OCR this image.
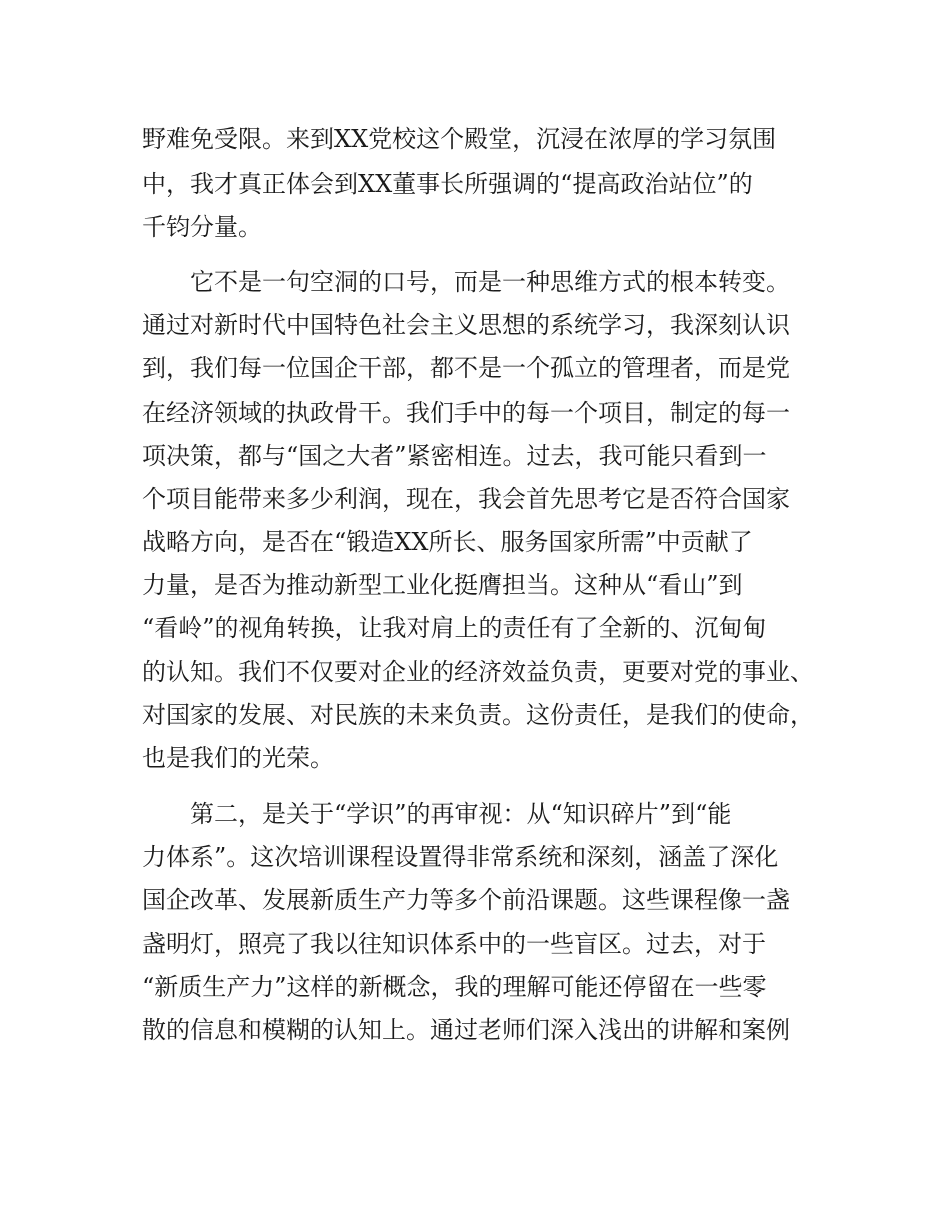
野难免受限。来到XX党校这个殿堂，沉浸在浓厚的学习氛围
中，我才真正体会到XX董事长所强调的“提高政治站位”的
千钧分量。
它不是一句空洞的口号，而是一种思维方式的根本转变。
通过对新时代中国特色社会主义思想的系统学习，我深刻认识
到，我们每一位国企干部，都不是一个孤立的管理者，而是党
在经济领域的执政骨干。我们手中的每一个项目，制定的每一
项决策，都与“国之大者”紧密相连。过去，我可能只看到一
个项目能带来多少利润，现在，我会首先思考它是否符合国家
战略方向，是否在“锻造XX所长、服务国家所需”中贡献了
力量，是否为推动新型工业化挺膺担当。这种从“看山”到
“看岭”的视角转换，让我对肩上的责任有了全新的、沉甸甸
的认知。我们不仅要对企业的经济效益负责，更要对党的事业、
对国家的发展、对民族的未来负责。这份责任，是我们的使命，
也是我们的光荣。
第二，是关于“学识”的再审视：从“知识碎片”到“能
力体系”。这次培训课程设置得非常系统和深刻，涵盖了深化
国企改革、发展新质生产力等多个前沿课题。这些课程像一盏
盏明灯，照亮了我以往知识体系中的一些盲区。过去，对于
“新质生产力”这样的新概念，我的理解可能还停留在一些零
散的信息和模糊的认知上。通过老师们深入浅出的讲解和案例
